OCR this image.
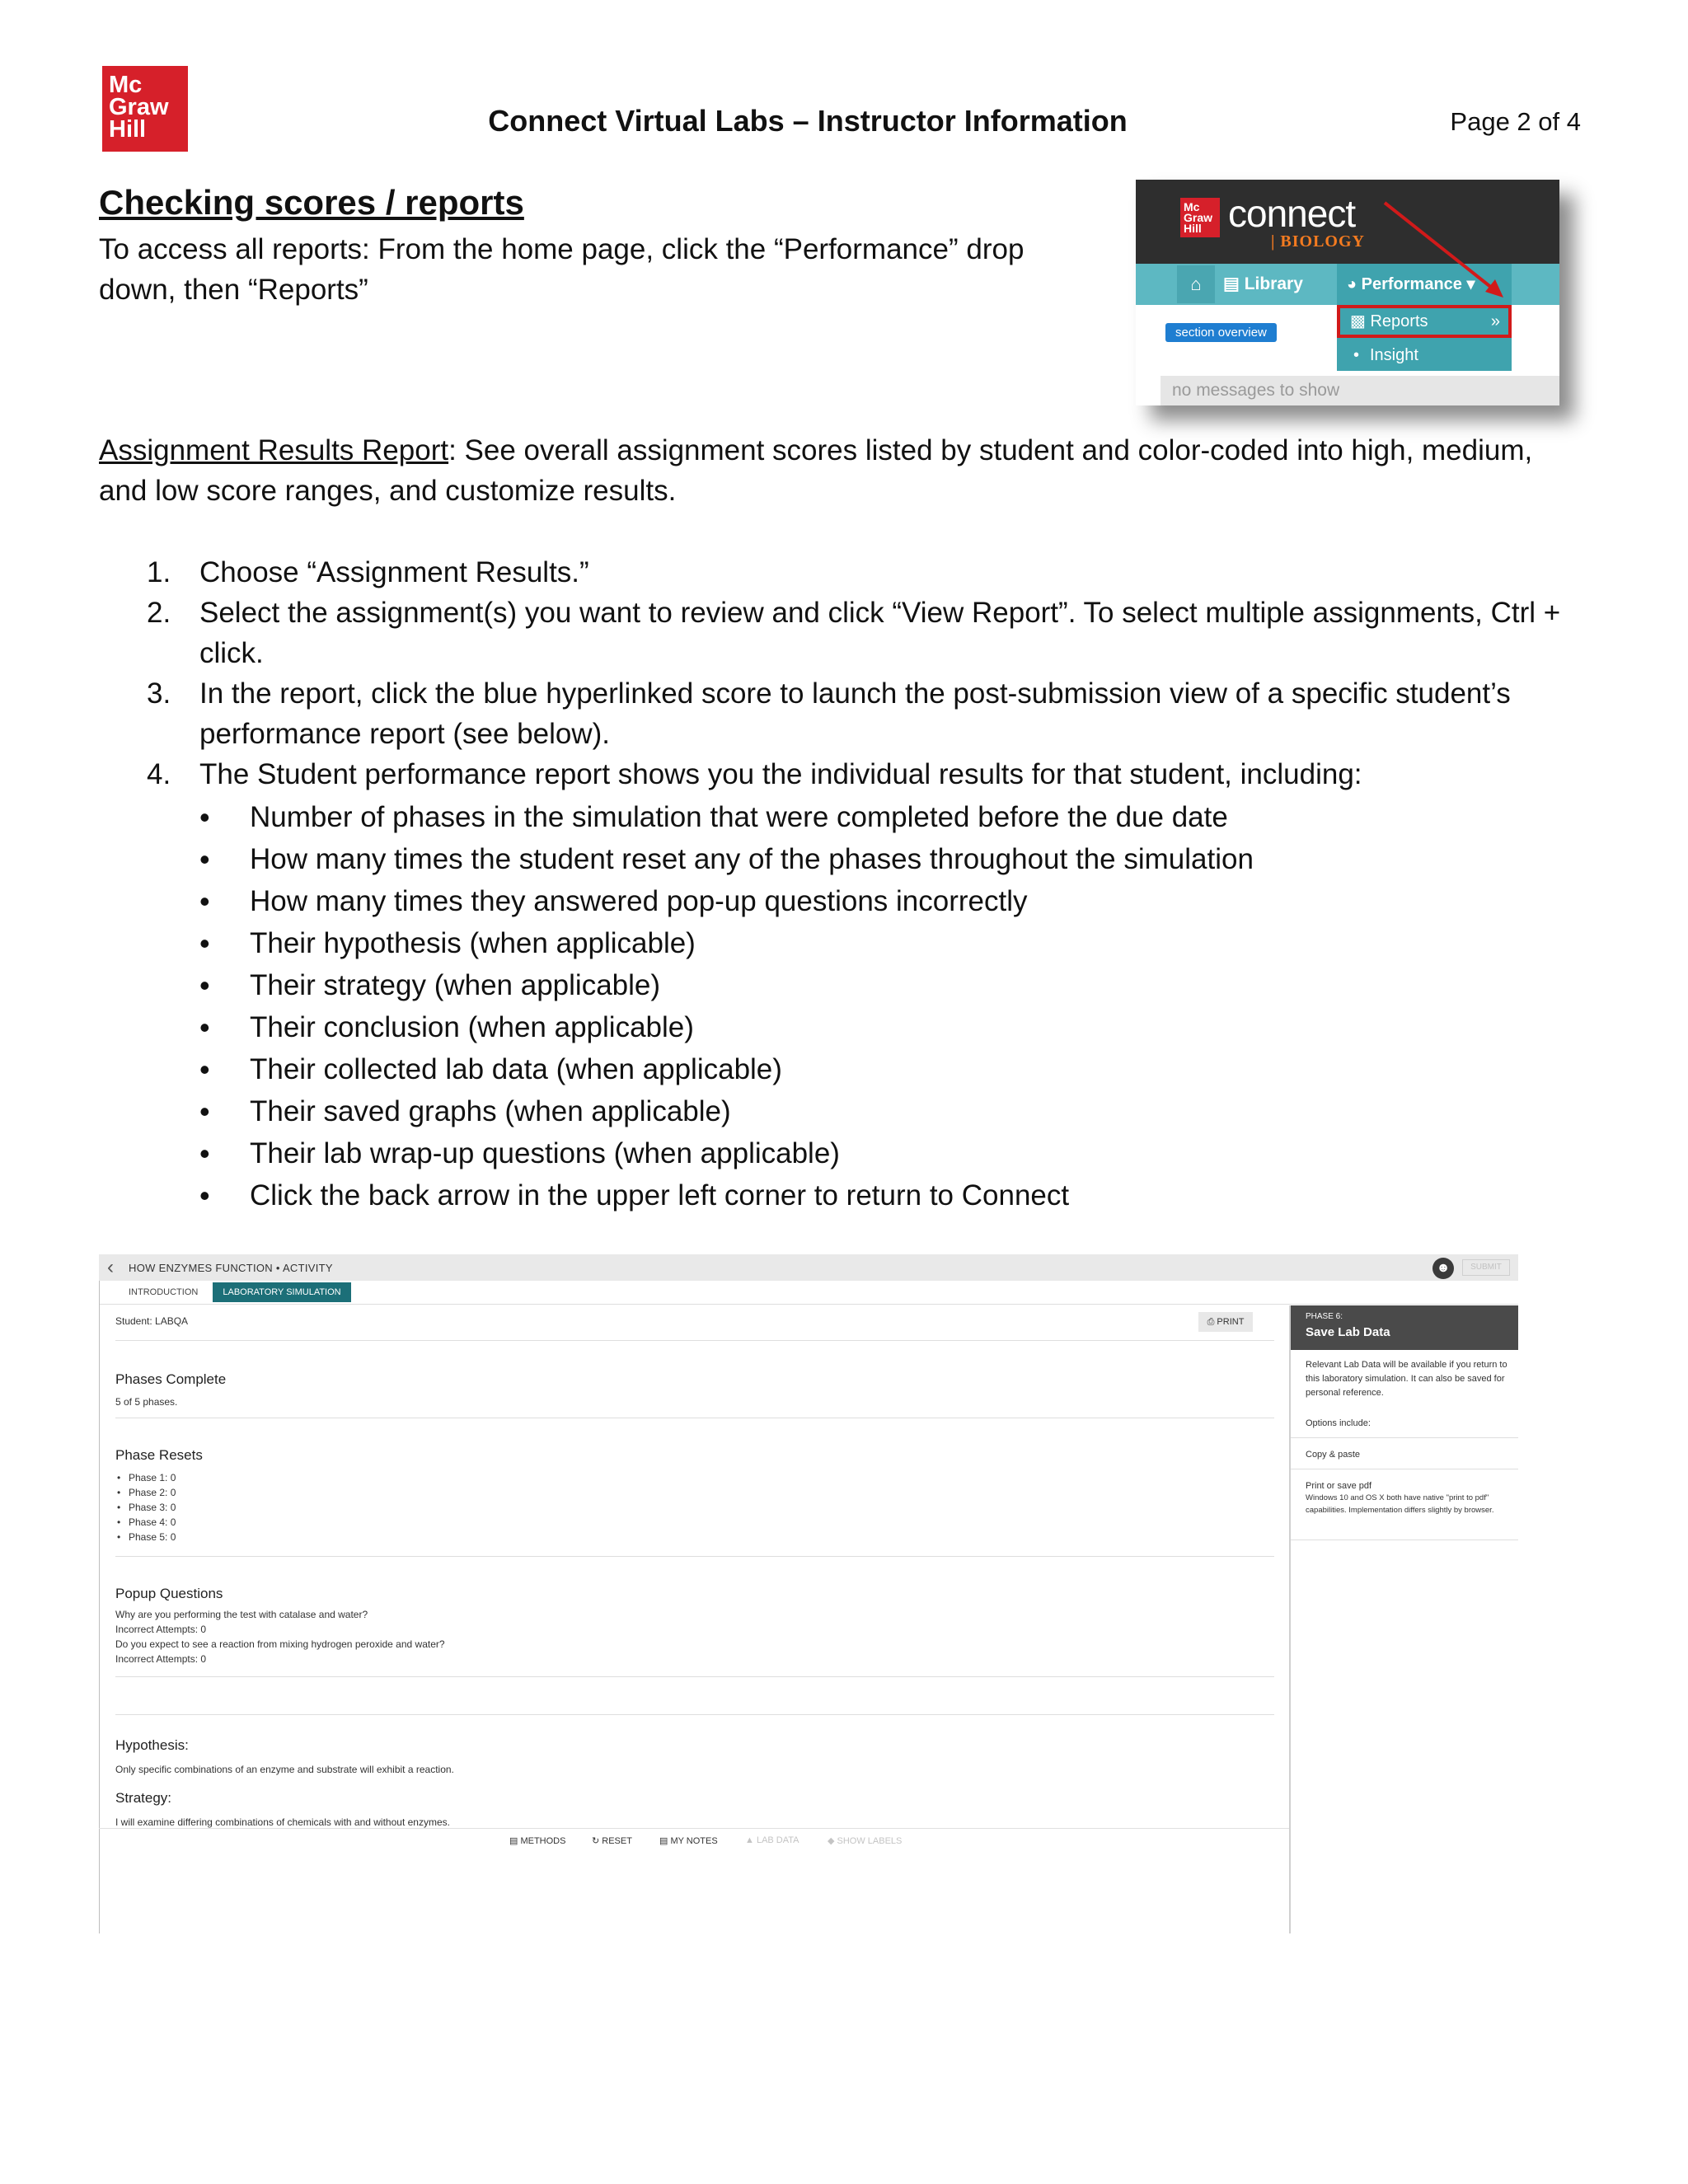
Mc
Graw
Hill	Connect Virtual Labs – Instructor Information	Page 2 of 4
Checking scores / reports
To access all reports: From the home page, click the “Performance” drop down, then “Reports”
Mc
Graw
Hill connect
| BIOLOGY
⌂	▤ Library	◕ Performance ▾
▩ Reports	»
• Insight
section overview
no messages to show
Assignment Results Report: See overall assignment scores listed by student and color-coded into high, medium, and low score ranges, and customize results.
1. Choose “Assignment Results.”
2. Select the assignment(s) you want to review and click “View Report”. To select multiple assignments, Ctrl + click.
3. In the report, click the blue hyperlinked score to launch the post-submission view of a specific student’s performance report (see below).
4. The Student performance report shows you the individual results for that student, including:
• Number of phases in the simulation that were completed before the due date
• How many times the student reset any of the phases throughout the simulation
• How many times they answered pop-up questions incorrectly
• Their hypothesis (when applicable)
• Their strategy (when applicable)
• Their conclusion (when applicable)
• Their collected lab data (when applicable)
• Their saved graphs (when applicable)
• Their lab wrap-up questions (when applicable)
• Click the back arrow in the upper left corner to return to Connect
‹ HOW ENZYMES FUNCTION • ACTIVITY	☻	SUBMIT
INTRODUCTION	LABORATORY SIMULATION
Student: LABQA	⎙ PRINT
Phases Complete
5 of 5 phases.
Phase Resets
• Phase 1: 0
• Phase 2: 0
• Phase 3: 0
• Phase 4: 0
• Phase 5: 0
Popup Questions
Why are you performing the test with catalase and water?
Incorrect Attempts: 0
Do you expect to see a reaction from mixing hydrogen peroxide and water?
Incorrect Attempts: 0
Hypothesis:
Only specific combinations of an enzyme and substrate will exhibit a reaction.
Strategy:
I will examine differing combinations of chemicals with and without enzymes.
▤ METHODS	↻ RESET	▤ MY NOTES	▲ LAB DATA	◆ SHOW LABELS
PHASE 6:
Save Lab Data
Relevant Lab Data will be available if you return to this laboratory simulation. It can also be saved for personal reference.
Options include:
Copy & paste
Print or save pdf
Windows 10 and OS X both have native "print to pdf" capabilities. Implementation differs slightly by browser.
